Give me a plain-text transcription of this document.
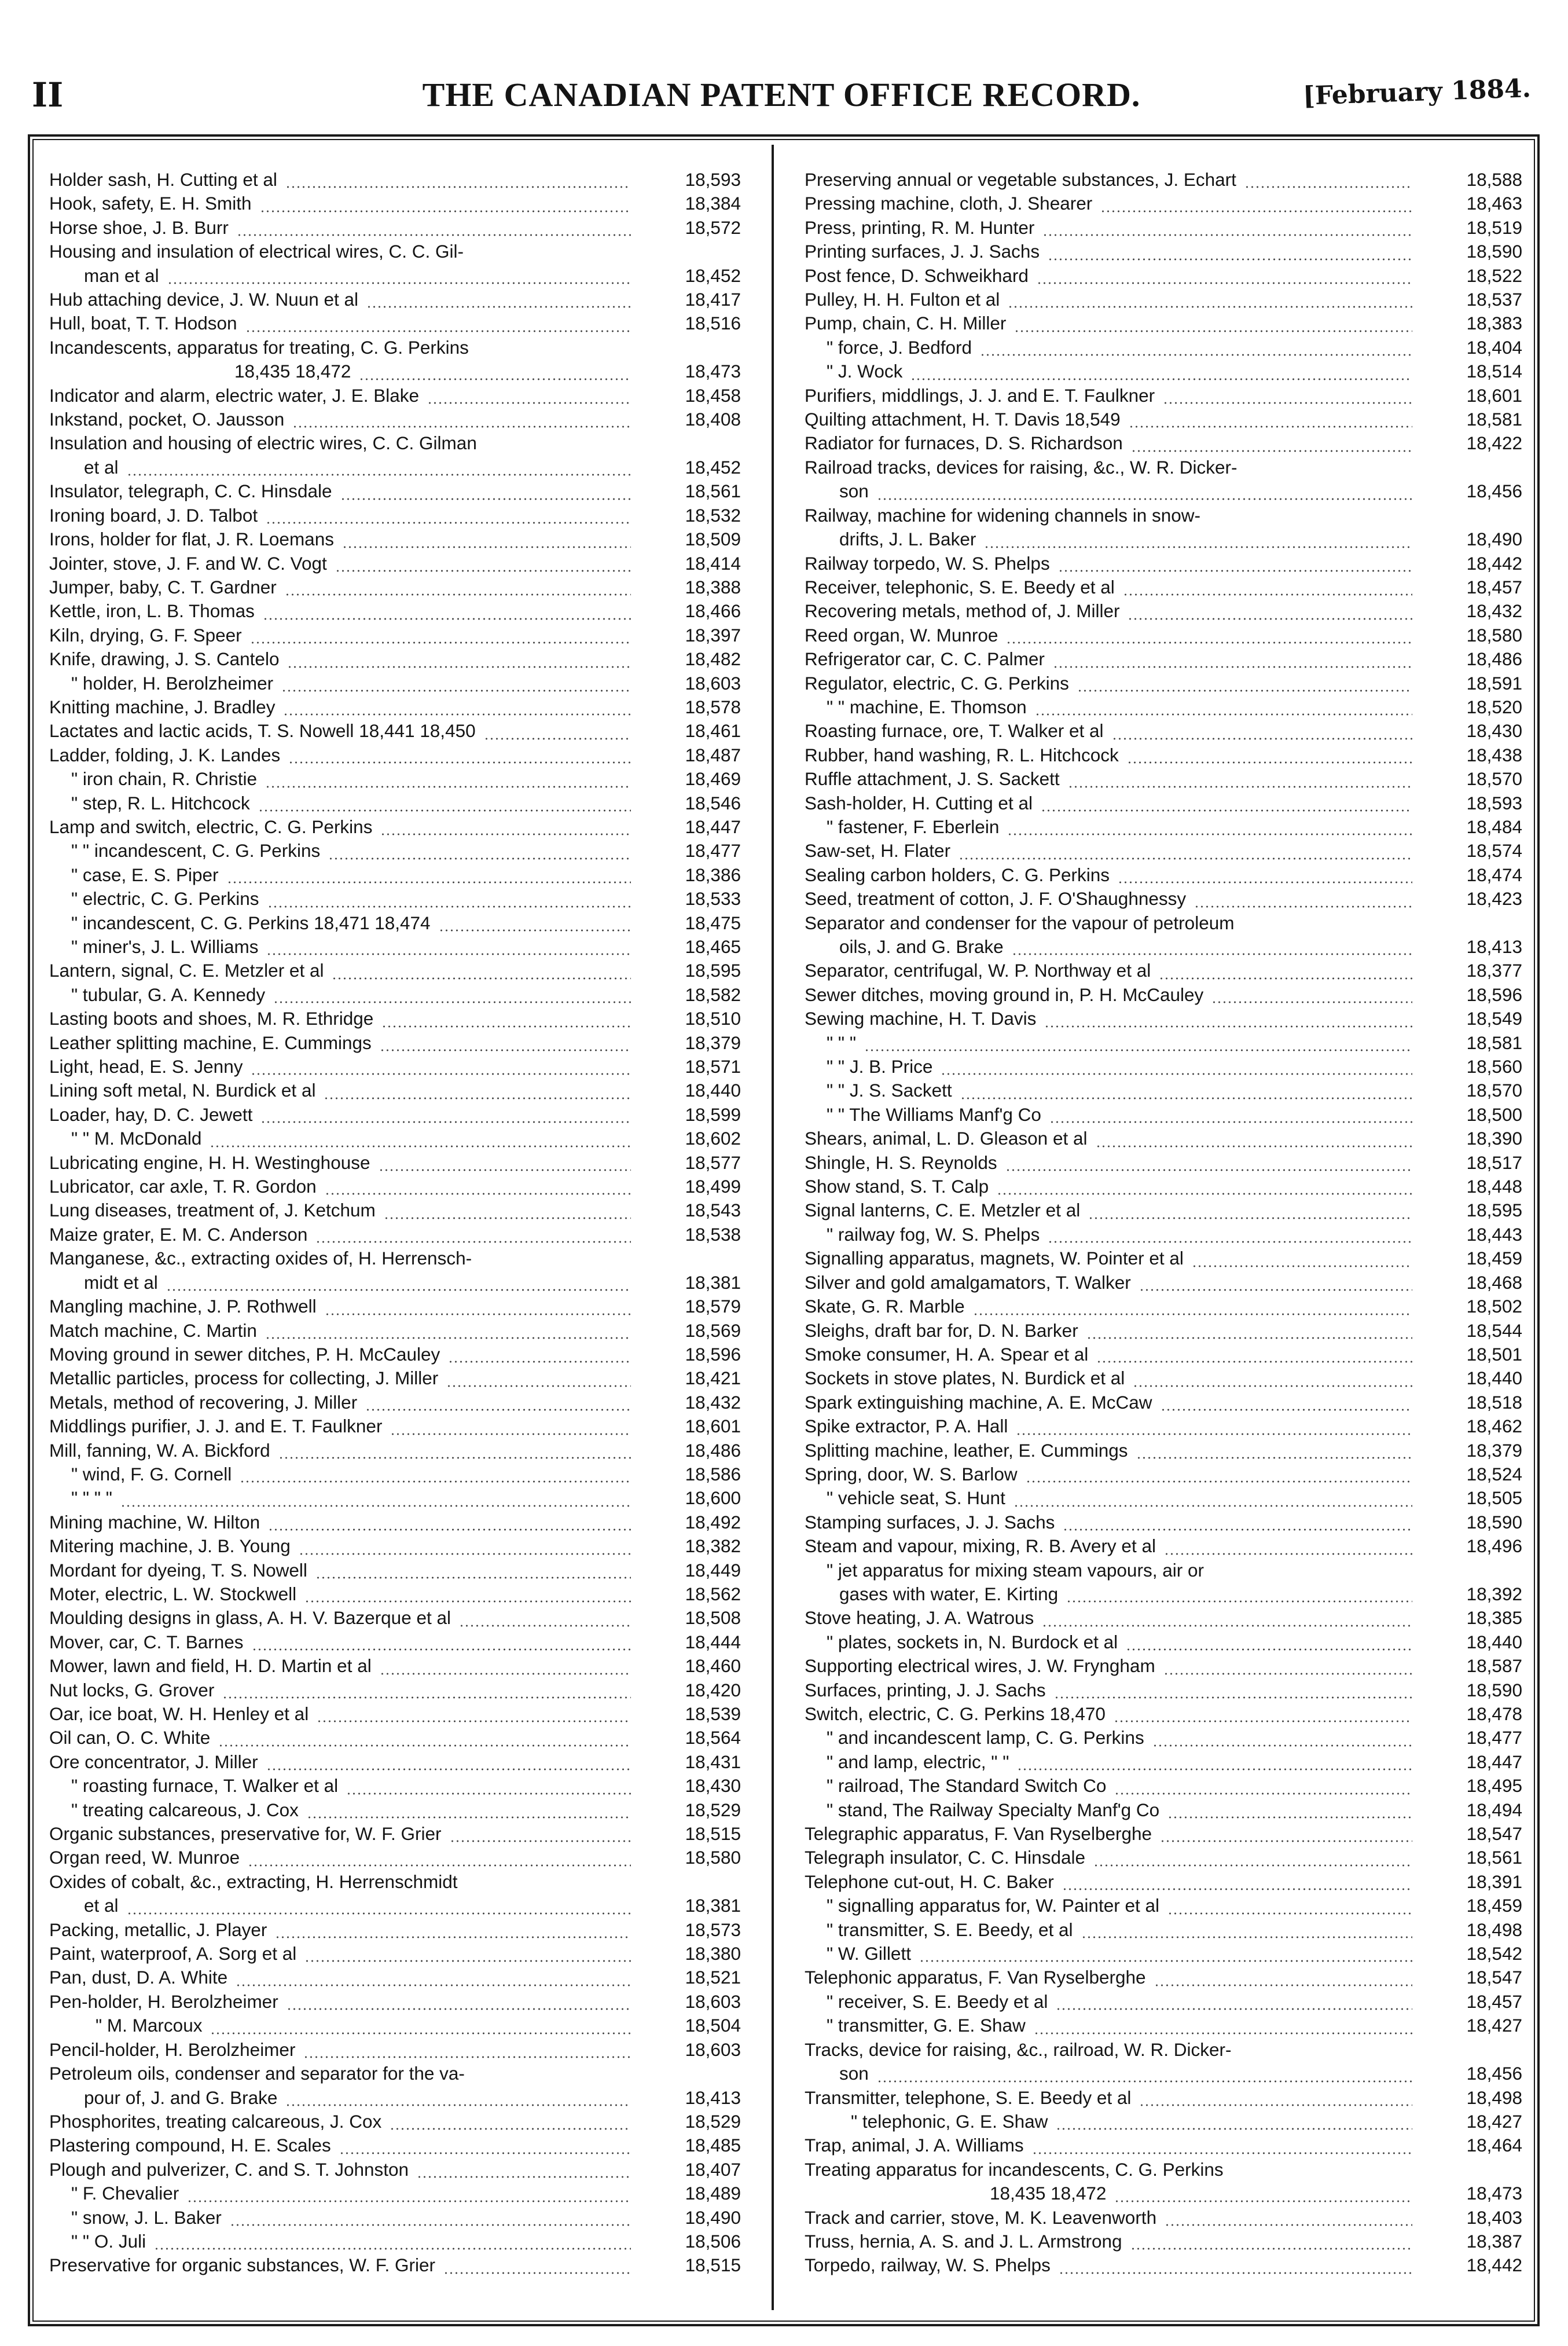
II	THE CANADIAN PATENT OFFICE RECORD.	[February 1884.
Holder sash, H. Cutting et al	18,593
Hook, safety, E. H. Smith	18,384
Horse shoe, J. B. Burr	18,572
Housing and insulation of electrical wires, C. C. Gil-
man et al	18,452
Hub attaching device, J. W. Nuun et al	18,417
Hull, boat, T. T. Hodson	18,516
Incandescents, apparatus for treating, C. G. Perkins
18,435 18,472	18,473
Indicator and alarm, electric water, J. E. Blake	18,458
Inkstand, pocket, O. Jausson	18,408
Insulation and housing of electric wires, C. C. Gilman
et al	18,452
Insulator, telegraph, C. C. Hinsdale	18,561
Ironing board, J. D. Talbot	18,532
Irons, holder for flat, J. R. Loemans	18,509
Jointer, stove, J. F. and W. C. Vogt	18,414
Jumper, baby, C. T. Gardner	18,388
Kettle, iron, L. B. Thomas	18,466
Kiln, drying, G. F. Speer	18,397
Knife, drawing, J. S. Cantelo	18,482
" holder, H. Berolzheimer	18,603
Knitting machine, J. Bradley	18,578
Lactates and lactic acids, T. S. Nowell 18,441 18,450	18,461
Ladder, folding, J. K. Landes	18,487
" iron chain, R. Christie	18,469
" step, R. L. Hitchcock	18,546
Lamp and switch, electric, C. G. Perkins	18,447
" " incandescent, C. G. Perkins	18,477
" case, E. S. Piper	18,386
" electric, C. G. Perkins	18,533
" incandescent, C. G. Perkins 18,471 18,474	18,475
" miner's, J. L. Williams	18,465
Lantern, signal, C. E. Metzler et al	18,595
" tubular, G. A. Kennedy	18,582
Lasting boots and shoes, M. R. Ethridge	18,510
Leather splitting machine, E. Cummings	18,379
Light, head, E. S. Jenny	18,571
Lining soft metal, N. Burdick et al	18,440
Loader, hay, D. C. Jewett	18,599
" " M. McDonald	18,602
Lubricating engine, H. H. Westinghouse	18,577
Lubricator, car axle, T. R. Gordon	18,499
Lung diseases, treatment of, J. Ketchum	18,543
Maize grater, E. M. C. Anderson	18,538
Manganese, &c., extracting oxides of, H. Herrensch-
midt et al	18,381
Mangling machine, J. P. Rothwell	18,579
Match machine, C. Martin	18,569
Moving ground in sewer ditches, P. H. McCauley	18,596
Metallic particles, process for collecting, J. Miller	18,421
Metals, method of recovering, J. Miller	18,432
Middlings purifier, J. J. and E. T. Faulkner	18,601
Mill, fanning, W. A. Bickford	18,486
" wind, F. G. Cornell	18,586
" " " "	18,600
Mining machine, W. Hilton	18,492
Mitering machine, J. B. Young	18,382
Mordant for dyeing, T. S. Nowell	18,449
Moter, electric, L. W. Stockwell	18,562
Moulding designs in glass, A. H. V. Bazerque et al	18,508
Mover, car, C. T. Barnes	18,444
Mower, lawn and field, H. D. Martin et al	18,460
Nut locks, G. Grover	18,420
Oar, ice boat, W. H. Henley et al	18,539
Oil can, O. C. White	18,564
Ore concentrator, J. Miller	18,431
" roasting furnace, T. Walker et al	18,430
" treating calcareous, J. Cox	18,529
Organic substances, preservative for, W. F. Grier	18,515
Organ reed, W. Munroe	18,580
Oxides of cobalt, &c., extracting, H. Herrenschmidt
et al	18,381
Packing, metallic, J. Player	18,573
Paint, waterproof, A. Sorg et al	18,380
Pan, dust, D. A. White	18,521
Pen-holder, H. Berolzheimer	18,603
" M. Marcoux	18,504
Pencil-holder, H. Berolzheimer	18,603
Petroleum oils, condenser and separator for the va-
pour of, J. and G. Brake	18,413
Phosphorites, treating calcareous, J. Cox	18,529
Plastering compound, H. E. Scales	18,485
Plough and pulverizer, C. and S. T. Johnston	18,407
" F. Chevalier	18,489
" snow, J. L. Baker	18,490
" " O. Juli	18,506
Preservative for organic substances, W. F. Grier	18,515
Preserving annual or vegetable substances, J. Echart	18,588
Pressing machine, cloth, J. Shearer	18,463
Press, printing, R. M. Hunter	18,519
Printing surfaces, J. J. Sachs	18,590
Post fence, D. Schweikhard	18,522
Pulley, H. H. Fulton et al	18,537
Pump, chain, C. H. Miller	18,383
" force, J. Bedford	18,404
" J. Wock	18,514
Purifiers, middlings, J. J. and E. T. Faulkner	18,601
Quilting attachment, H. T. Davis 18,549	18,581
Radiator for furnaces, D. S. Richardson	18,422
Railroad tracks, devices for raising, &c., W. R. Dicker-
son	18,456
Railway, machine for widening channels in snow-
drifts, J. L. Baker	18,490
Railway torpedo, W. S. Phelps	18,442
Receiver, telephonic, S. E. Beedy et al	18,457
Recovering metals, method of, J. Miller	18,432
Reed organ, W. Munroe	18,580
Refrigerator car, C. C. Palmer	18,486
Regulator, electric, C. G. Perkins	18,591
" " machine, E. Thomson	18,520
Roasting furnace, ore, T. Walker et al	18,430
Rubber, hand washing, R. L. Hitchcock	18,438
Ruffle attachment, J. S. Sackett	18,570
Sash-holder, H. Cutting et al	18,593
" fastener, F. Eberlein	18,484
Saw-set, H. Flater	18,574
Sealing carbon holders, C. G. Perkins	18,474
Seed, treatment of cotton, J. F. O'Shaughnessy	18,423
Separator and condenser for the vapour of petroleum
oils, J. and G. Brake	18,413
Separator, centrifugal, W. P. Northway et al	18,377
Sewer ditches, moving ground in, P. H. McCauley	18,596
Sewing machine, H. T. Davis	18,549
" " "	18,581
" " J. B. Price	18,560
" " J. S. Sackett	18,570
" " The Williams Manf'g Co	18,500
Shears, animal, L. D. Gleason et al	18,390
Shingle, H. S. Reynolds	18,517
Show stand, S. T. Calp	18,448
Signal lanterns, C. E. Metzler et al	18,595
" railway fog, W. S. Phelps	18,443
Signalling apparatus, magnets, W. Pointer et al	18,459
Silver and gold amalgamators, T. Walker	18,468
Skate, G. R. Marble	18,502
Sleighs, draft bar for, D. N. Barker	18,544
Smoke consumer, H. A. Spear et al	18,501
Sockets in stove plates, N. Burdick et al	18,440
Spark extinguishing machine, A. E. McCaw	18,518
Spike extractor, P. A. Hall	18,462
Splitting machine, leather, E. Cummings	18,379
Spring, door, W. S. Barlow	18,524
" vehicle seat, S. Hunt	18,505
Stamping surfaces, J. J. Sachs	18,590
Steam and vapour, mixing, R. B. Avery et al	18,496
" jet apparatus for mixing steam vapours, air or
gases with water, E. Kirting	18,392
Stove heating, J. A. Watrous	18,385
" plates, sockets in, N. Burdock et al	18,440
Supporting electrical wires, J. W. Fryngham	18,587
Surfaces, printing, J. J. Sachs	18,590
Switch, electric, C. G. Perkins 18,470	18,478
" and incandescent lamp, C. G. Perkins	18,477
" and lamp, electric, " "	18,447
" railroad, The Standard Switch Co	18,495
" stand, The Railway Specialty Manf'g Co	18,494
Telegraphic apparatus, F. Van Ryselberghe	18,547
Telegraph insulator, C. C. Hinsdale	18,561
Telephone cut-out, H. C. Baker	18,391
" signalling apparatus for, W. Painter et al	18,459
" transmitter, S. E. Beedy, et al	18,498
" W. Gillett	18,542
Telephonic apparatus, F. Van Ryselberghe	18,547
" receiver, S. E. Beedy et al	18,457
" transmitter, G. E. Shaw	18,427
Tracks, device for raising, &c., railroad, W. R. Dicker-
son	18,456
Transmitter, telephone, S. E. Beedy et al	18,498
" telephonic, G. E. Shaw	18,427
Trap, animal, J. A. Williams	18,464
Treating apparatus for incandescents, C. G. Perkins
18,435 18,472	18,473
Track and carrier, stove, M. K. Leavenworth	18,403
Truss, hernia, A. S. and J. L. Armstrong	18,387
Torpedo, railway, W. S. Phelps	18,442
